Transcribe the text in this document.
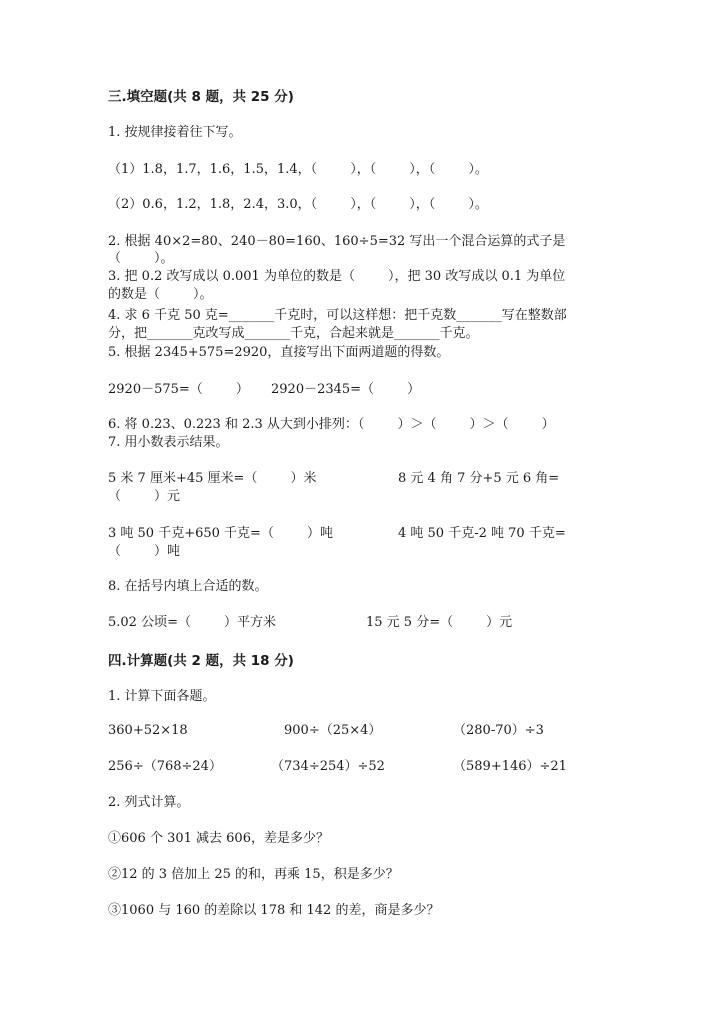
三.填空题(共 8 题，共 25 分)
1. 按规律接着往下写。
（1）1.8，1.7，1.6，1.5，1.4，（        ），（        ），（        ）。
（2）0.6，1.2，1.8，2.4，3.0，（        ），（        ），（        ）。
2. 根据 40×2=80、240－80=160、160÷5=32 写出一个混合运算的式子是
（        ）。
3. 把 0.2 改写成以 0.001 为单位的数是（        ），把 30 改写成以 0.1 为单位
的数是（        ）。
4. 求 6 千克 50 克=_______千克时，可以这样想：把千克数_______写在整数部
分，把_______克改写成_______千克，合起来就是_______千克。
5. 根据 2345+575=2920，直接写出下面两道题的得数。
2920－575=（        ） 2920－2345=（        ）
6. 将 0.23、0.223 和 2.3 从大到小排列：（        ）＞（        ）＞（        ）
7. 用小数表示结果。
5 米 7 厘米+45 厘米=（        ）米	8 元 4 角 7 分+5 元 6 角=
（        ）元
3 吨 50 千克+650 千克=（        ）吨	4 吨 50 千克-2 吨 70 千克=
（        ）吨
8. 在括号内填上合适的数。
5.02 公顷=（        ）平方米	15 元 5 分=（        ）元
四.计算题(共 2 题，共 18 分)
1. 计算下面各题。
360+52×18	900÷（25×4）	（280-70）÷3
256÷（768÷24）	（734÷254）÷52	（589+146）÷21
2. 列式计算。
①606 个 301 减去 606，差是多少？
②12 的 3 倍加上 25 的和，再乘 15，积是多少？
③1060 与 160 的差除以 178 和 142 的差，商是多少？
